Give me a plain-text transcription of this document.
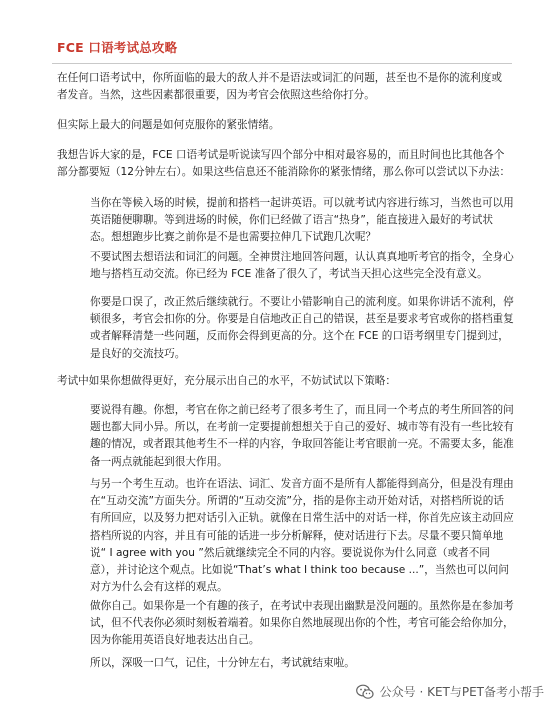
FCE 口语考试总攻略

在任何口语考试中，你所面临的最大的敌人并不是语法或词汇的问题，甚至也不是你的流利度或者发音。当然，这些因素都很重要，因为考官会依照这些给你打分。

但实际上最大的问题是如何克服你的紧张情绪。

我想告诉大家的是，FCE 口语考试是听说读写四个部分中相对最容易的，而且时间也比其他各个部分都要短（12分钟左右）。如果这些信息还不能消除你的紧张情绪，那么你可以尝试以下办法：

当你在等候入场的时候，提前和搭档一起讲英语。可以就考试内容进行练习，当然也可以用英语随便聊聊。等到进场的时候，你们已经做了语言“热身”，能直接进入最好的考试状态。想想跑步比赛之前你是不是也需要拉伸几下试跑几次呢？

不要试图去想语法和词汇的问题。全神贯注地回答问题，认认真真地听考官的指令，全身心地与搭档互动交流。你已经为 FCE 准备了很久了，考试当天担心这些完全没有意义。

你要是口误了，改正然后继续就行。不要让小错影响自己的流利度。如果你讲话不流利，停顿很多，考官会扣你的分。你要是自信地改正自己的错误，甚至是要求考官或你的搭档重复或者解释清楚一些问题，反而你会得到更高的分。这个在 FCE 的口语考纲里专门提到过，是良好的交流技巧。

考试中如果你想做得更好，充分展示出自己的水平，不妨试试以下策略：

要说得有趣。你想，考官在你之前已经考了很多考生了，而且同一个考点的考生所回答的问题也都大同小异。所以，在考前一定要提前想想关于自己的爱好、城市等有没有一些比较有趣的情况，或者跟其他考生不一样的内容，争取回答能让考官眼前一亮。不需要太多，能准备一两点就能起到很大作用。

与另一个考生互动。也许在语法、词汇、发音方面不是所有人都能得到高分，但是没有理由在“互动交流”方面失分。所谓的“互动交流”分，指的是你主动开始对话，对搭档所说的话有所回应，以及努力把对话引入正轨。就像在日常生活中的对话一样，你首先应该主动回应搭档所说的内容，并且有可能的话进一步分析解释，使对话进行下去。尽量不要只简单地说“ I agree with you ”然后就继续完全不同的内容。要说说你为什么同意（或者不同意），并讨论这个观点。比如说“That’s what I think too because ...”，当然也可以问问对方为什么会有这样的观点。

做你自己。如果你是一个有趣的孩子，在考试中表现出幽默是没问题的。虽然你是在参加考试，但不代表你必须时刻板着端着。如果你自然地展现出你的个性，考官可能会给你加分，因为你能用英语良好地表达出自己。

所以，深吸一口气，记住，十分钟左右，考试就结束啦。

公众号 · KET与PET备考小帮手
